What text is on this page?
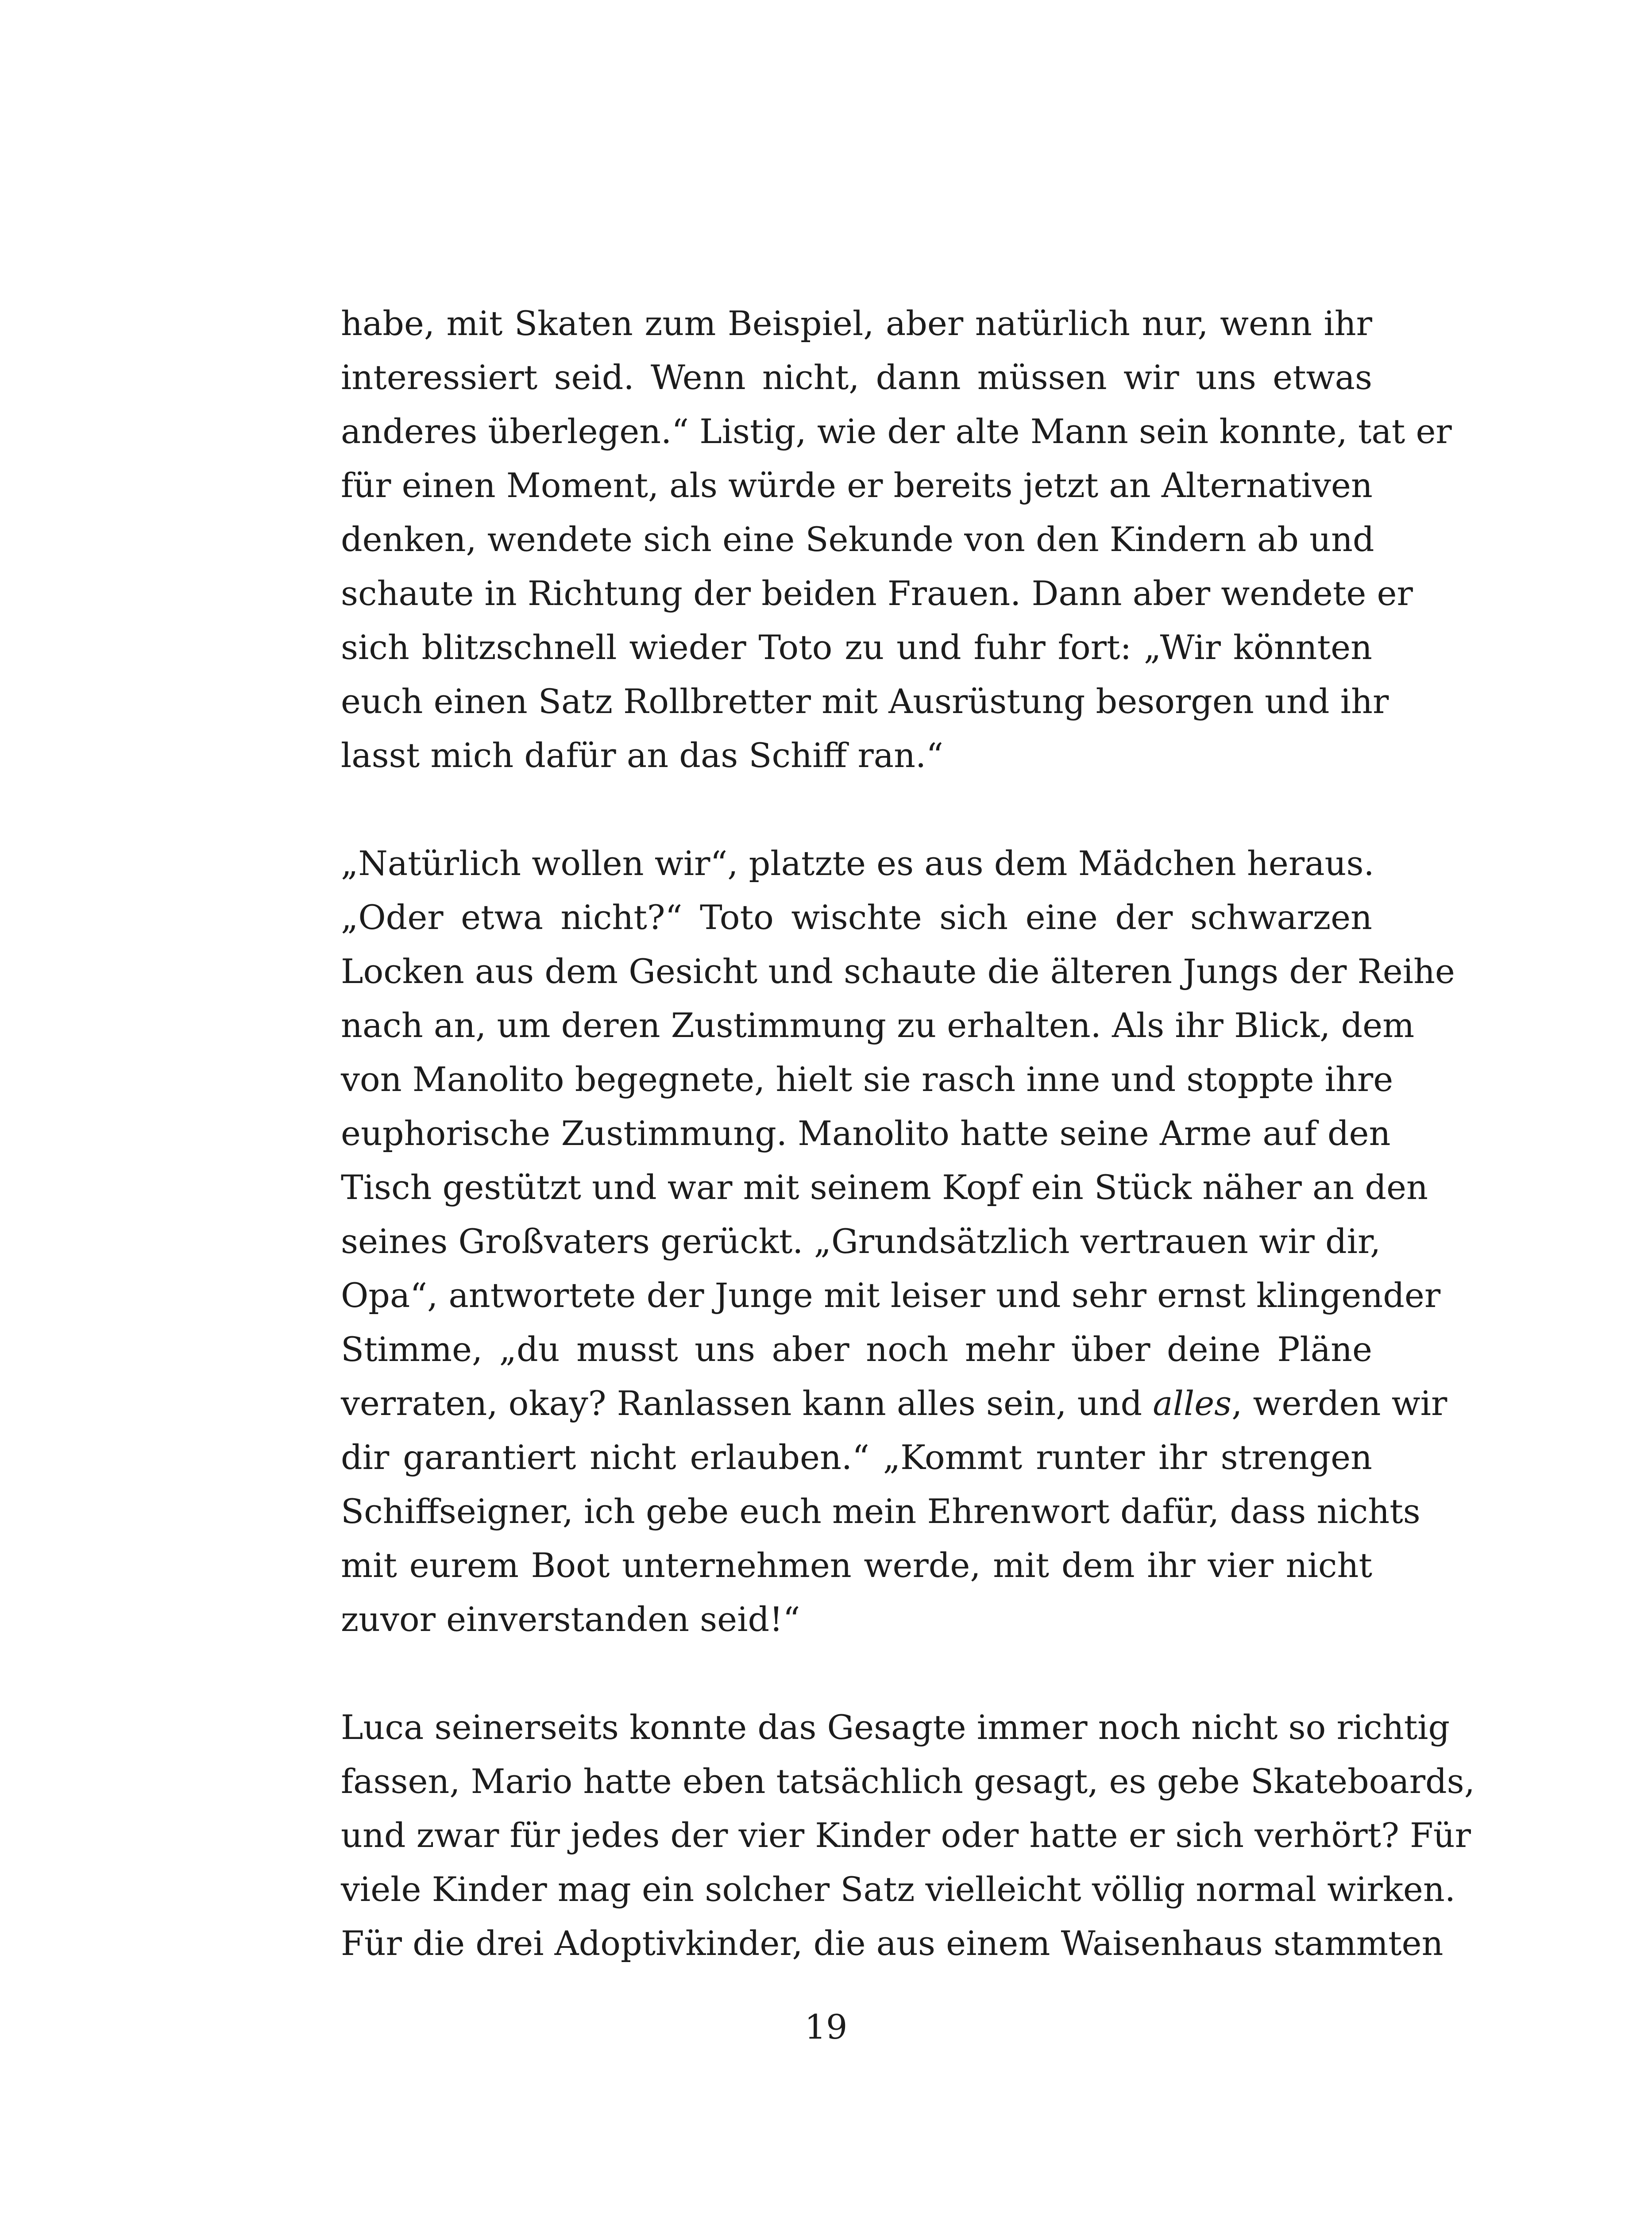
habe, mit Skaten zum Beispiel, aber natürlich nur, wenn ihr
interessiert seid. Wenn nicht, dann müssen wir uns etwas
anderes überlegen.“ Listig, wie der alte Mann sein konnte, tat er
für einen Moment, als würde er bereits jetzt an Alternativen
denken, wendete sich eine Sekunde von den Kindern ab und
schaute in Richtung der beiden Frauen. Dann aber wendete er
sich blitzschnell wieder Toto zu und fuhr fort: „Wir könnten
euch einen Satz Rollbretter mit Ausrüstung besorgen und ihr
lasst mich dafür an das Schiff ran.“

„Natürlich wollen wir“, platzte es aus dem Mädchen heraus.
„Oder etwa nicht?“ Toto wischte sich eine der schwarzen
Locken aus dem Gesicht und schaute die älteren Jungs der Reihe
nach an, um deren Zustimmung zu erhalten. Als ihr Blick, dem
von Manolito begegnete, hielt sie rasch inne und stoppte ihre
euphorische Zustimmung. Manolito hatte seine Arme auf den
Tisch gestützt und war mit seinem Kopf ein Stück näher an den
seines Großvaters gerückt. „Grundsätzlich vertrauen wir dir,
Opa“, antwortete der Junge mit leiser und sehr ernst klingender
Stimme, „du musst uns aber noch mehr über deine Pläne
verraten, okay? Ranlassen kann alles sein, und alles, werden wir
dir garantiert nicht erlauben.“ „Kommt runter ihr strengen
Schiffseigner, ich gebe euch mein Ehrenwort dafür, dass nichts
mit eurem Boot unternehmen werde, mit dem ihr vier nicht
zuvor einverstanden seid!“

Luca seinerseits konnte das Gesagte immer noch nicht so richtig
fassen, Mario hatte eben tatsächlich gesagt, es gebe Skateboards,
und zwar für jedes der vier Kinder oder hatte er sich verhört? Für
viele Kinder mag ein solcher Satz vielleicht völlig normal wirken.
Für die drei Adoptivkinder, die aus einem Waisenhaus stammten

19
